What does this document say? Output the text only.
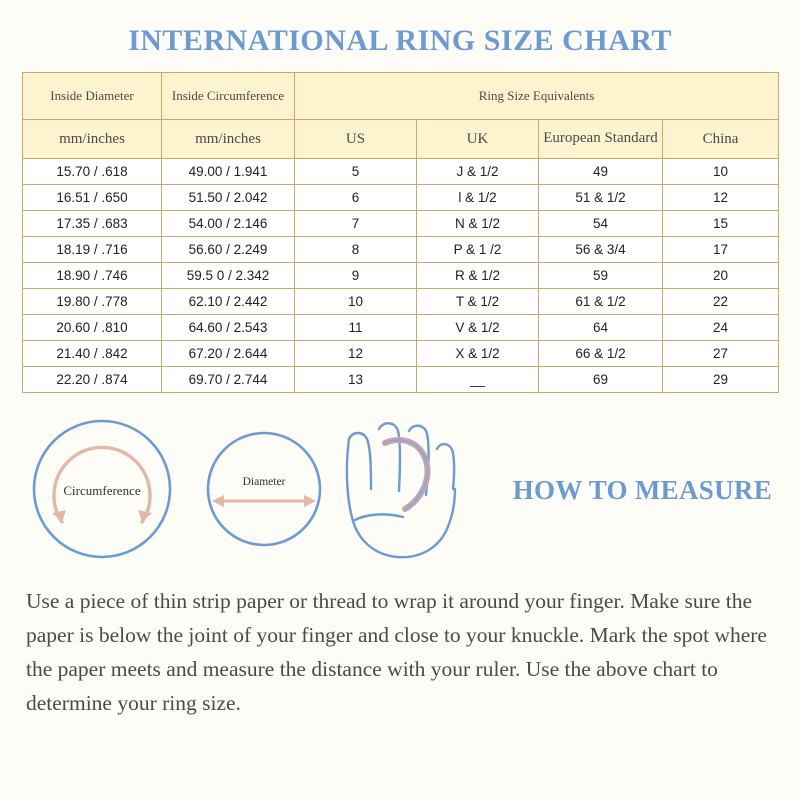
INTERNATIONAL RING SIZE CHART
Inside Diameter	Inside Circumference	Ring Size Equivalents			
mm/inches	mm/inches	US	UK	European Standard	China
15.70 / .618	49.00 / 1.941	5	J & 1/2	49	10
16.51 / .650	51.50 / 2.042	6	l & 1/2	51 & 1/2	12
17.35 / .683	54.00 / 2.146	7	N & 1/2	54	15
18.19 / .716	56.60 / 2.249	8	P & 1 /2	56 & 3/4	17
18.90 / .746	59.5 0 / 2.342	9	R & 1/2	59	20
19.80 / .778	62.10 / 2.442	10	T & 1/2	61 & 1/2	22
20.60 / .810	64.60 / 2.543	11	V & 1/2	64	24
21.40 / .842	67.20 / 2.644	12	X & 1/2	66 & 1/2	27
22.20 / .874	69.70 / 2.744	13	__	69	29
Circumference
Diameter	HOW TO MEASURE
Use a piece of thin strip paper or thread to wrap it around your finger. Make sure the paper is below the joint of your finger and close to your knuckle. Mark the spot where the paper meets and measure the distance with your ruler. Use the above chart to determine your ring size.
